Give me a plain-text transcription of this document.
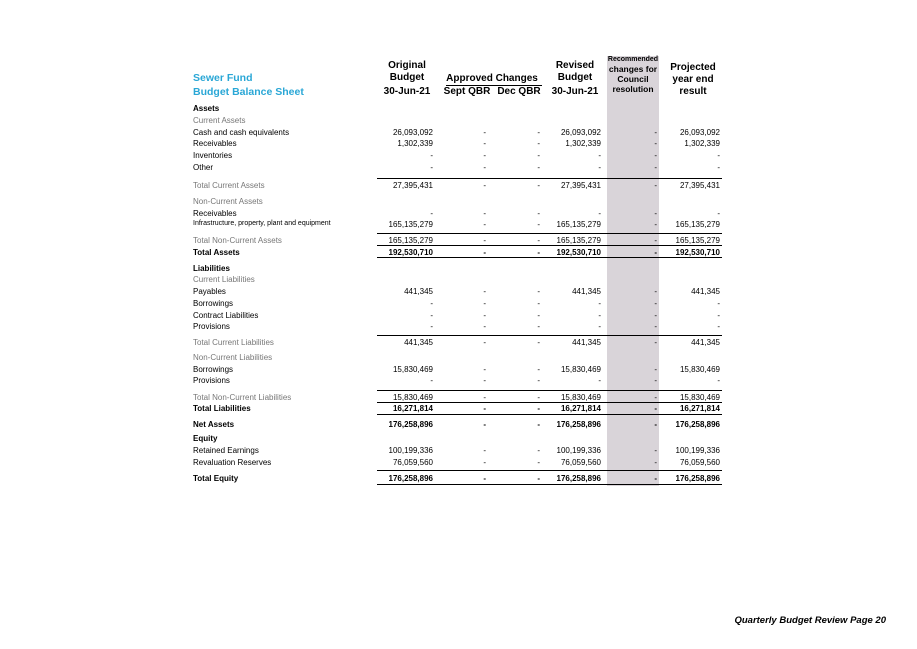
Sewer Fund
Budget Balance Sheet
Original
Budget
30-Jun-21
Approved Changes
Sept QBR Dec QBR
Revised
Budget
30-Jun-21
Recommended
changes for
Council
resolution
Projected
year end
result
Assets
Current Assets
Cash and cash equivalents	26,093,092	-	-	26,093,092	-	26,093,092
Receivables	1,302,339	-	-	1,302,339	-	1,302,339
Inventories	-	-	-	-	-	-
Other	-	-	-	-	-	-
Total Current Assets	27,395,431	-	-	27,395,431	-	27,395,431
Non-Current Assets
Receivables	-	-	-	-	-	-
Infrastructure, property, plant and equipment	165,135,279	-	- 165,135,279	- 165,135,279
Total Non-Current Assets	165,135,279	-	- 165,135,279	- 165,135,279
Total Assets	192,530,710	-	- 192,530,710	- 192,530,710
Liabilities
Current Liabilities
Payables	441,345	-	-	441,345	-	441,345
Borrowings	-	-	-	-	-	-
Contract Liabilities	-	-	-	-	-	-
Provisions	-	-	-	-	-	-
Total Current Liabilities	441,345	-	-	441,345	-	441,345
Non-Current Liabilities
Borrowings	15,830,469	-	-	15,830,469	-	15,830,469
Provisions	-	-	-	-	-	-
Total Non-Current Liabilities	15,830,469	-	-	15,830,469	-	15,830,469
Total Liabilities	16,271,814	-	-	16,271,814	-	16,271,814
Net Assets	176,258,896	-	- 176,258,896	- 176,258,896
Equity
Retained Earnings	100,199,336	-	- 100,199,336	- 100,199,336
Revaluation Reserves	76,059,560	-	-	76,059,560	-	76,059,560
Total Equity	176,258,896	-	- 176,258,896	- 176,258,896
Quarterly Budget Review Page 20
